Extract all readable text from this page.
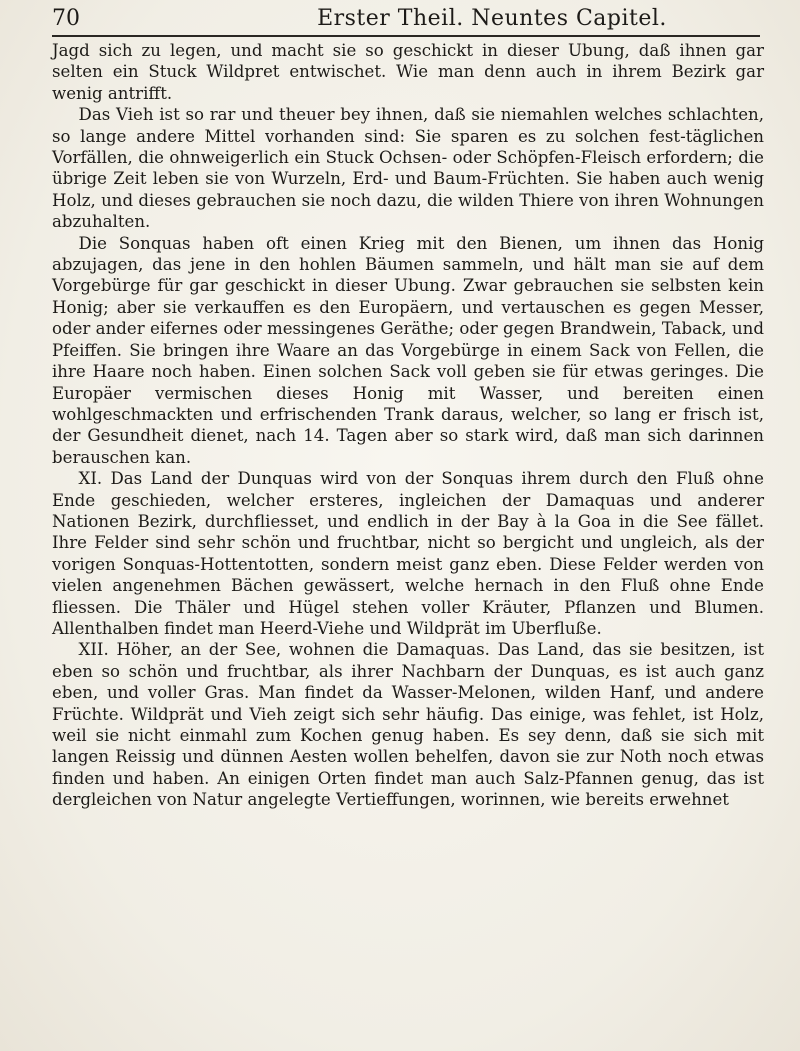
70	Erster Theil. Neuntes Capitel.

Jagd sich zu legen, und macht sie so geschickt in dieser Ubung, daß ihnen gar selten ein Stuck Wildpret entwischet. Wie man denn auch in ihrem Bezirk gar wenig antrifft.

Das Vieh ist so rar und theuer bey ihnen, daß sie niemahlen welches schlachten, so lange andere Mittel vorhanden sind: Sie sparen es zu solchen fest-täglichen Vorfällen, die ohnweigerlich ein Stuck Ochsen- oder Schöpfen-Fleisch erfordern; die übrige Zeit leben sie von Wurzeln, Erd- und Baum-Früchten. Sie haben auch wenig Holz, und dieses gebrauchen sie noch dazu, die wilden Thiere von ihren Wohnungen abzuhalten.

Die Sonquas haben oft einen Krieg mit den Bienen, um ihnen das Honig abzujagen, das jene in den hohlen Bäumen sammeln, und hält man sie auf dem Vorgebürge für gar geschickt in dieser Ubung. Zwar gebrauchen sie selbsten kein Honig; aber sie verkauffen es den Europäern, und vertauschen es gegen Messer, oder ander eifernes oder messingenes Geräthe; oder gegen Brandwein, Taback, und Pfeiffen. Sie bringen ihre Waare an das Vorgebürge in einem Sack von Fellen, die ihre Haare noch haben. Einen solchen Sack voll geben sie für etwas geringes. Die Europäer vermischen dieses Honig mit Wasser, und bereiten einen wohlgeschmackten und erfrischenden Trank daraus, welcher, so lang er frisch ist, der Gesundheit dienet, nach 14. Tagen aber so stark wird, daß man sich darinnen berauschen kan.

XI. Das Land der Dunquas wird von der Sonquas ihrem durch den Fluß ohne Ende geschieden, welcher ersteres, ingleichen der Damaquas und anderer Nationen Bezirk, durchfliesset, und endlich in der Bay à la Goa in die See fället. Ihre Felder sind sehr schön und fruchtbar, nicht so bergicht und ungleich, als der vorigen Sonquas-Hottentotten, sondern meist ganz eben. Diese Felder werden von vielen angenehmen Bächen gewässert, welche hernach in den Fluß ohne Ende fliessen. Die Thäler und Hügel stehen voller Kräuter, Pflanzen und Blumen. Allenthalben findet man Heerd-Viehe und Wildprät im Uberfluße.

XII. Höher, an der See, wohnen die Damaquas. Das Land, das sie besitzen, ist eben so schön und fruchtbar, als ihrer Nachbarn der Dunquas, es ist auch ganz eben, und voller Gras. Man findet da Wasser-Melonen, wilden Hanf, und andere Früchte. Wildprät und Vieh zeigt sich sehr häufig. Das einige, was fehlet, ist Holz, weil sie nicht einmahl zum Kochen genug haben. Es sey denn, daß sie sich mit langen Reissig und dünnen Aesten wollen behelfen, davon sie zur Noth noch etwas finden und haben. An einigen Orten findet man auch Salz-Pfannen genug, das ist dergleichen von Natur angelegte Vertieffungen, worinnen, wie bereits erwehnet
